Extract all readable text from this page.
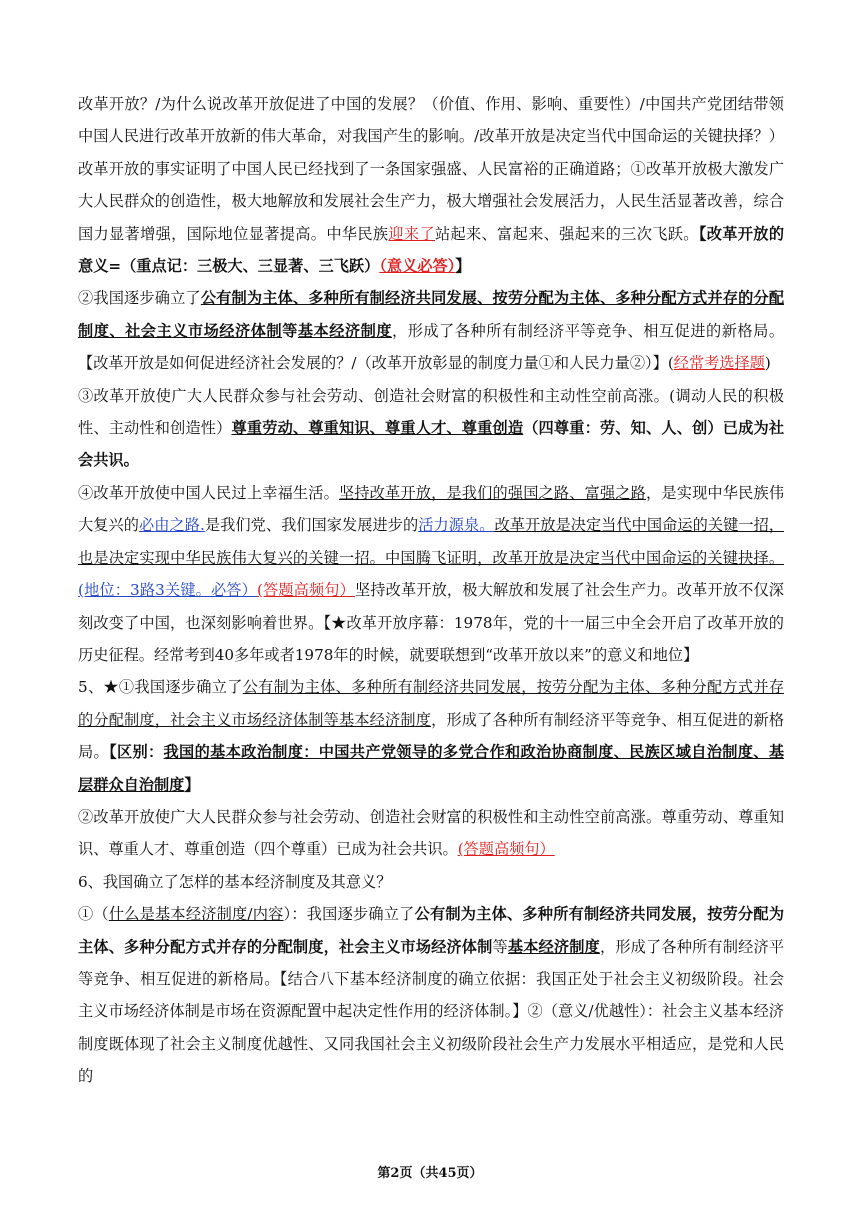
改革开放？/为什么说改革开放促进了中国的发展？（价值、作用、影响、重要性）/中国共产党团结带领中国人民进行改革开放新的伟大革命，对我国产生的影响。/改革开放是决定当代中国命运的关键抉择？）改革开放的事实证明了中国人民已经找到了一条国家强盛、人民富裕的正确道路；①改革开放极大激发广大人民群众的创造性，极大地解放和发展社会生产力，极大增强社会发展活力，人民生活显著改善，综合国力显著增强，国际地位显著提高。中华民族迎来了站起来、富起来、强起来的三次飞跃。【改革开放的意义=（重点记：三极大、三显著、三飞跃）（意义必答）】

②我国逐步确立了公有制为主体、多种所有制经济共同发展、按劳分配为主体、多种分配方式并存的分配制度、社会主义市场经济体制等基本经济制度，形成了各种所有制经济平等竞争、相互促进的新格局。【改革开放是如何促进经济社会发展的？/（改革开放彰显的制度力量①和人民力量②）】(经常考选择题)

③改革开放使广大人民群众参与社会劳动、创造社会财富的积极性和主动性空前高涨。(调动人民的积极性、主动性和创造性）尊重劳动、尊重知识、尊重人才、尊重创造（四尊重：劳、知、人、创）已成为社会共识。

④改革开放使中国人民过上幸福生活。坚持改革开放，是我们的强国之路、富强之路，是实现中华民族伟大复兴的必由之路.是我们党、我们国家发展进步的活力源泉。改革开放是决定当代中国命运的关键一招，也是决定实现中华民族伟大复兴的关键一招。中国腾飞证明，改革开放是决定当代中国命运的关键抉择。(地位：3路3关键。必答）(答题高频句）坚持改革开放，极大解放和发展了社会生产力。改革开放不仅深刻改变了中国，也深刻影响着世界。【★改革开放序幕：1978年，党的十一届三中全会开启了改革开放的历史征程。经常考到40多年或者1978年的时候，就要联想到“改革开放以来”的意义和地位】

5、★①我国逐步确立了公有制为主体、多种所有制经济共同发展，按劳分配为主体、多种分配方式并存的分配制度，社会主义市场经济体制等基本经济制度，形成了各种所有制经济平等竞争、相互促进的新格局。【区别：我国的基本政治制度：中国共产党领导的多党合作和政治协商制度、民族区域自治制度、基层群众自治制度】

②改革开放使广大人民群众参与社会劳动、创造社会财富的积极性和主动性空前高涨。尊重劳动、尊重知识、尊重人才、尊重创造（四个尊重）已成为社会共识。(答题高频句）

6、我国确立了怎样的基本经济制度及其意义？

①（什么是基本经济制度/内容）：我国逐步确立了公有制为主体、多种所有制经济共同发展，按劳分配为主体、多种分配方式并存的分配制度，社会主义市场经济体制等基本经济制度，形成了各种所有制经济平等竞争、相互促进的新格局。【结合八下基本经济制度的确立依据：我国正处于社会主义初级阶段。社会主义市场经济体制是市场在资源配置中起决定性作用的经济体制。】②（意义/优越性）：社会主义基本经济制度既体现了社会主义制度优越性、又同我国社会主义初级阶段社会生产力发展水平相适应，是党和人民的

第2页（共45页）
